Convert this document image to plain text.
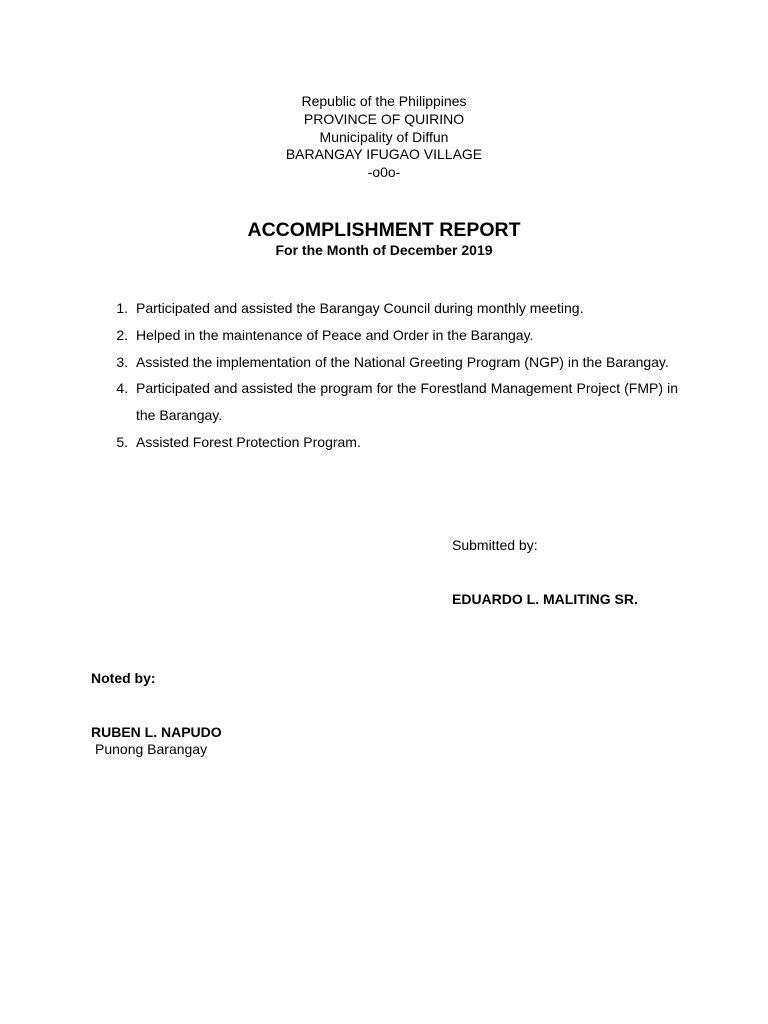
Republic of the Philippines
PROVINCE OF QUIRINO
Municipality of Diffun
BARANGAY IFUGAO VILLAGE
-o0o-
ACCOMPLISHMENT REPORT
For the Month of December 2019
1. Participated and assisted the Barangay Council during monthly meeting.
2. Helped in the maintenance of Peace and Order in the Barangay.
3. Assisted the implementation of the National Greeting Program (NGP) in the Barangay.
4. Participated and assisted the program for the Forestland Management Project (FMP) in the Barangay.
5. Assisted Forest Protection Program.
Submitted by:
EDUARDO L. MALITING SR.
Noted by:
RUBEN L. NAPUDO
Punong Barangay
